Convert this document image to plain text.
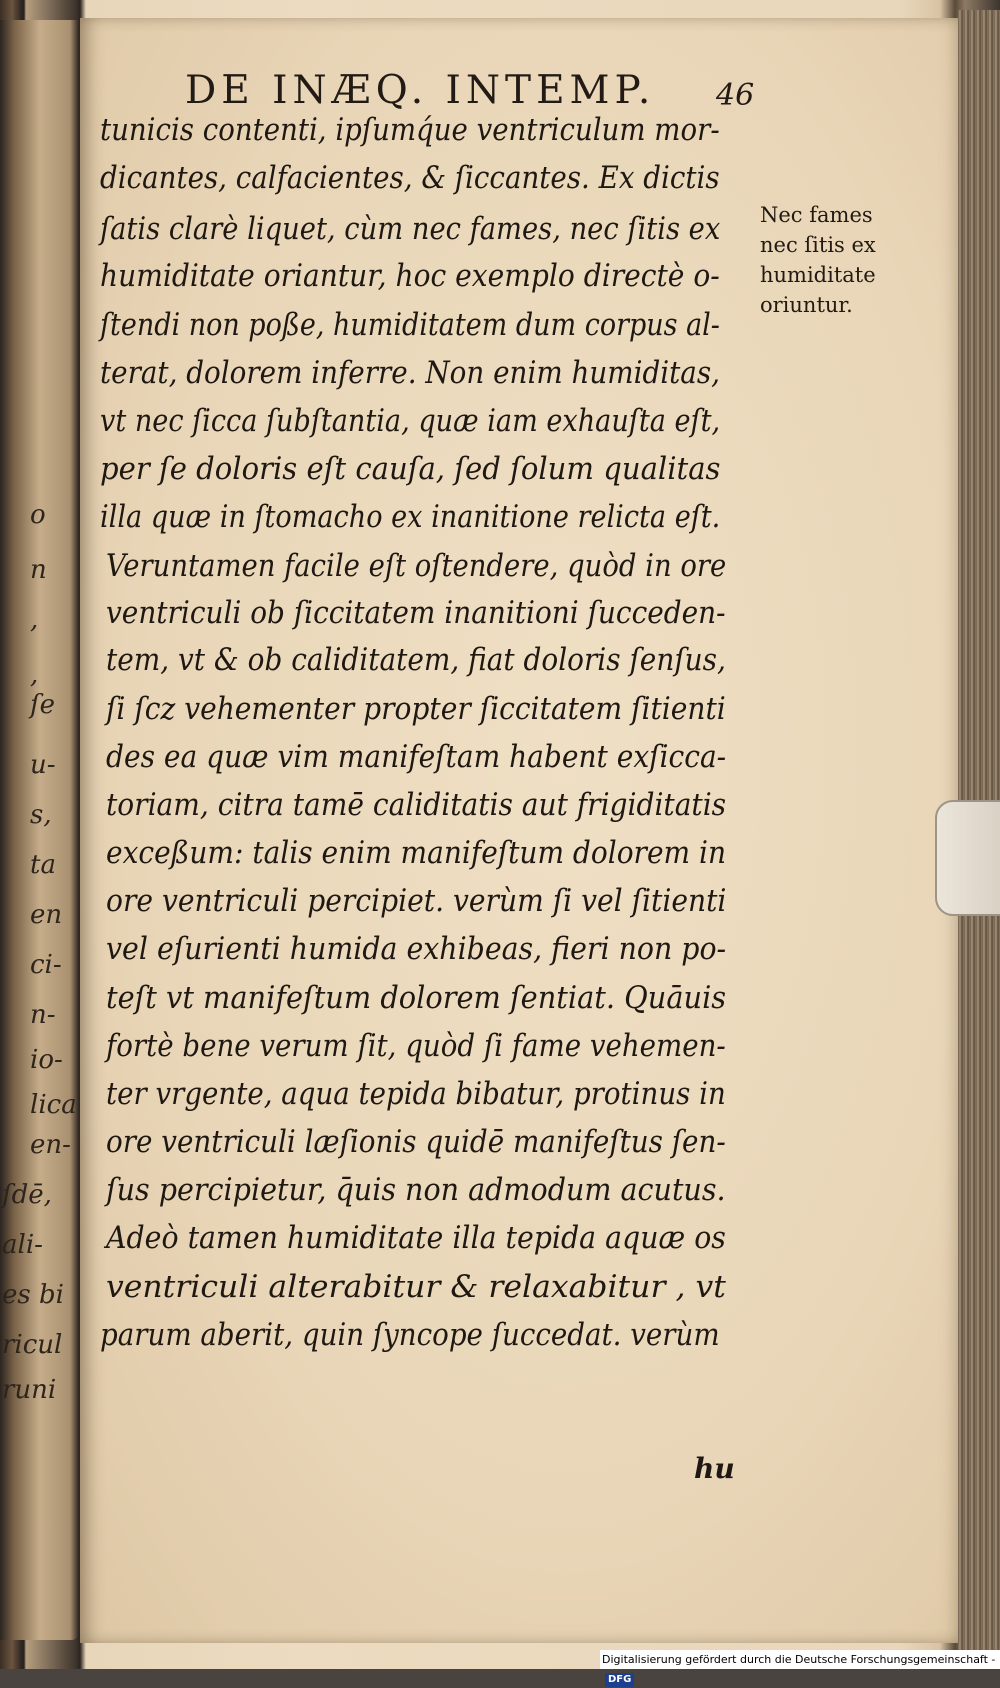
o
n
,
,
ſe
u-
s,
ta
en
ci-
n-
io-
lica
en-
ſdē,
ali-
es bi
ricul
runi
DE INÆQ. INTEMP. 46
tunicis contenti, ipſumq́ue ventriculum mor-
dicantes, calfacientes, & ſiccantes. Ex dictis
ſatis clarè liquet, cùm nec fames, nec ſitis ex
humiditate oriantur, hoc exemplo directè o-
ſtendi non poße, humiditatem dum corpus al-
terat, dolorem inferre. Non enim humiditas,
vt nec ſicca ſubſtantia, quæ iam exhauſta eſt,
per ſe doloris eſt cauſa, ſed ſolum qualitas
illa quæ in ſtomacho ex inanitione relicta eſt.
Veruntamen facile eſt oſtendere, quòd in ore
ventriculi ob ſiccitatem inanitioni ſucceden-
tem, vt & ob caliditatem, fiat doloris ſenſus,
ſi ſcz vehementer propter ſiccitatem ſitienti
des ea quæ vim manifeſtam habent exſicca-
toriam, citra tamē caliditatis aut frigiditatis
exceßum: talis enim manifeſtum dolorem in
ore ventriculi percipiet. verùm ſi vel ſitienti
vel eſurienti humida exhibeas, fieri non po-
teſt vt manifeſtum dolorem ſentiat. Quāuis
fortè bene verum ſit, quòd ſi fame vehemen-
ter vrgente, aqua tepida bibatur, protinus in
ore ventriculi læſionis quidē manifeſtus ſen-
ſus percipietur, q̄uis non admodum acutus.
Adeò tamen humiditate illa tepida aquæ os
ventriculi alterabitur & relaxabitur , vt
parum aberit, quin ſyncope ſuccedat. verùm
hu
Nec fames
nec ſitis ex
humiditate
oriuntur.
Digitalisierung gefördert durch die Deutsche Forschungsgemeinschaft -DFG
